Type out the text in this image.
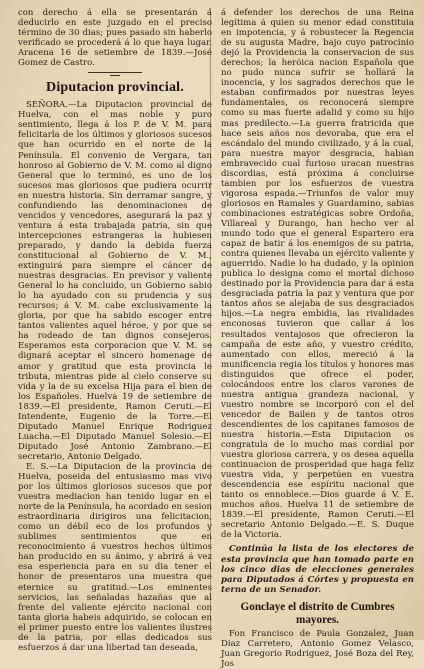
con derecho á ella se presentarán á deducirlo en este juzgado en el preciso término de 30 dias; pues pasado sin haberlo verificado se procederá á lo que haya lugar. Aracena 16 de setiembre de 1839.—José Gomez de Castro.

Diputacion provincial.

SEÑORA.—La Diputacion provincial de Huelva, con el mas noble y puro sentimiento, llega á los P. de V. M. para felicitarla de los últimos y gloriosos sucesos que han ocurrido en el norte de la Península. El convenio de Vergara, tan honroso al Gobierno de V. M. como al digno General que lo terminó, es uno de los sucesos mas gloriosos que pudiera ocurrir en nuestra historia. Sin derramar sangre, y confundiendo las denominaciones de vencidos y vencedores, asegurará la paz y ventura á esta trabajada patria, sin que intercepciones estrangeras la hubiesen preparado, y dando la debida fuerza constitucional al Gobierno de V. M., extinguirá para siempre el cáncer de nuestras desgracias. En previsor y valiente General lo ha concluido, un Gobierno sabio lo ha ayudado con su prudencia y sus recursos; á V. M. cabe exclusivamente la gloria, por que ha sabido escoger entre tantos valientes aquel héroe, y por que se ha rodeado de tan dignos consejeros. Esperamos esta corporacion que V. M. se dignará aceptar el sincero homenage de amor y gratitud que esta provincia le tributa, mientras pide al cielo conserve su vida y la de su excelsa Hija para el bien de los Españoles. Huelva 19 de setiembre de 1839.—El presidente, Ramon Ceruti.—El Intendente, Eugenio de la Torre.—El Diputado Manuel Enrique Rodriguez Luacha.—El Diputado Manuel Solesio.—El Diputado José Antonio Zambrano.—El secretario, Antonio Delgado.

E. S.—La Diputacion de la provincia de Huelva, poseida del entusiasmo mas vivo por los últimos gloriosos sucesos que por vuestra mediacion han tenido lugar en el norte de la Península, ha acordado en sesion estraordinaria dirigiros una felicitacion, como un débil eco de los profundos y sublimes sentimientos que en reconocimiento á vuestros hechos últimos han producido en su ánimo, y abrirá á vez esa esperiencia para en su dia tener el honor de presentaros una muestra que eternice su gratitud.—Los eminentes servicios, las señaladas hazañas que al frente del valiente ejército nacional con tanta gloria habeis adquirido, se colocan en el primer puesto entre los valientes ilustres de la patria, por ellas dedicados sus esfuerzos á dar una libertad tan deseada,

á defender los derechos de una Reina legítima á quien su menor edad constituia en impotencia, y á robustecer la Regencia de su augusta Madre, bajo cuyo patrocinio dejó la Providencia la conservacion de sus derechos; la heróica nacion Española que no pudo nunca sufrir se hollará la inocencia, y los sagrados derechos que le estaban confirmados por nuestras leyes fundamentales, os reconocerá siempre como su mas fuerte adalid y como su hijo mas predilecto.—La guerra fratricida que hace seis años nos devoraba, que era el escándalo del mundo civilizado, y á la cual, para nuestra mayor desgracia, habian embravecido cual furioso uracan nuestras discordias, está próxima á concluirse tambien por los esfuerzos de vuestra vigorosa espada.—Triunfos de valor muy gloriosos en Ramales y Guardamino, sabias combinaciones estratégicas sobre Ordoña, Villareal y Durango, han hecho ver al mundo todo que el general Espartero era capaz de batir á los enemigos de su patria, contra quienes llevaba un ejército valiente y aguerrido. Nadie lo ha dudado, y la opinion publica lo designa como el mortal dichoso destinado por la Providencia para dar á esta desgraciada patria la paz y ventura que por tantos años se alejaba de sus desgraciados hijos.—La negra embidia, las rivalidades enconosas tuvieron que callar á los resultados ventajosos que ofrecieron la campaña de este año, y vuestro crédito, aumentado con ellos, mereció á la munificencia regia los títulos y honores mas distinguidos que ofrece el poder, colocándoos entre los claros varones de nuestra antigua grandeza nacional, y vuestro nombre se incorporó con el del vencedor de Bailen y de tantos otros descendientes de los capitanes famosos de nuestra historia.—Esta Diputacion os congratula de lo mucho mas cordial por vuestra gloriosa carrera, y os desea aquella continuacion de prosperidad que haga feliz vuestra vida, y perpetúen en vuestra descendencia ese espíritu nacional que tanto os ennoblece.—Dios guarde á V. E. muchos años. Huelva 11 de setiembre de 1839.—El presidente, Ramon Ceruti.—El secretario Antonio Delgado.—E. S. Duque de la Victoria.

Continúa la lista de los electores de esta provincia que han tomado parte en los cinco dias de elecciones generales para Diputados á Córtes y propuesta en terna de un Senador.

Gonclaye el distrito de Cumbres mayores.

Fon Francisco de Paula Gonzalez, Juan Diaz Carretero, Antonio Gomez Velasco, Juan Gregorio Rodriguez, José Boza del Rey, Jos
